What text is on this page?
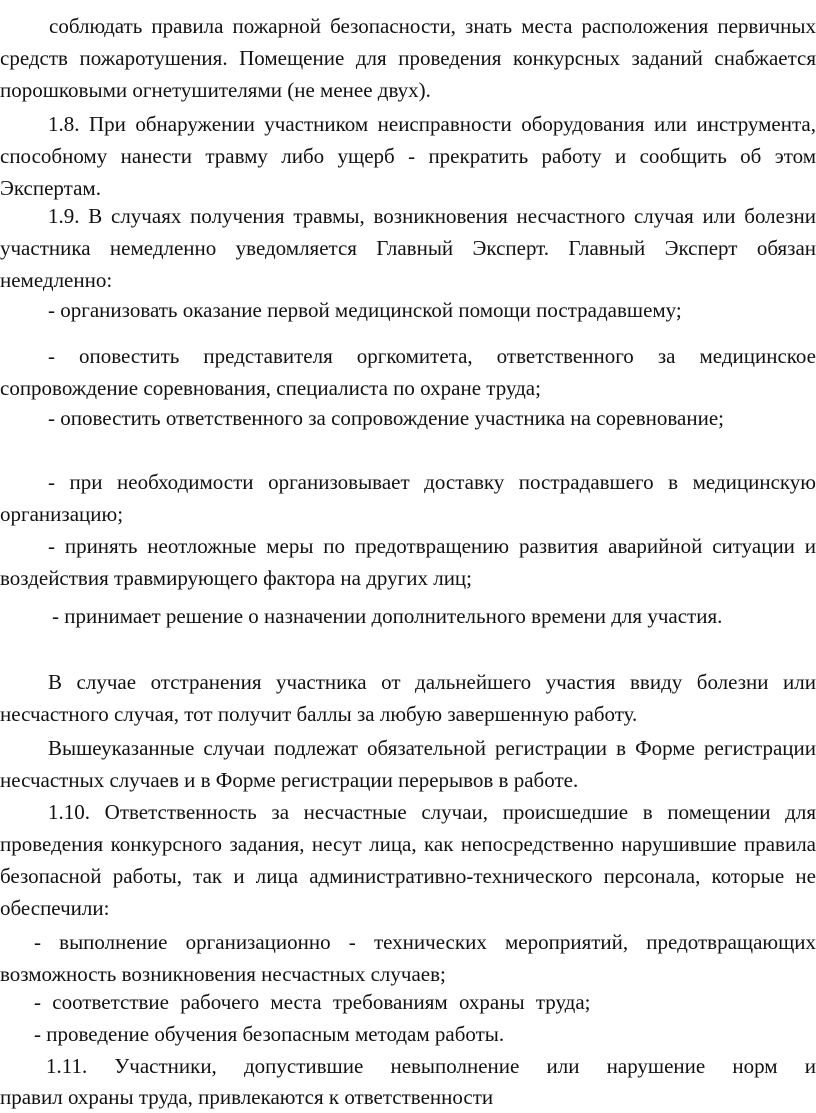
соблюдать правила пожарной безопасности, знать места расположения первичных средств пожаротушения. Помещение для проведения конкурсных заданий снабжается порошковыми огнетушителями (не менее двух).

1.8. При обнаружении участником неисправности оборудования или инструмента, способному нанести травму либо ущерб - прекратить работу и сообщить об этом Экспертам.

1.9. В случаях получения травмы, возникновения несчастного случая или болезни участника немедленно уведомляется Главный Эксперт. Главный Эксперт обязан немедленно:

- организовать оказание первой медицинской помощи пострадавшему;

- оповестить представителя оргкомитета, ответственного за медицинское сопровождение соревнования, специалиста по охране труда;

- оповестить ответственного за сопровождение участника на соревнование;

- при необходимости организовывает доставку пострадавшего в медицинскую организацию;

- принять неотложные меры по предотвращению развития аварийной ситуации и воздействия травмирующего фактора на других лиц;

- принимает решение о назначении дополнительного времени для участия.

В случае отстранения участника от дальнейшего участия ввиду болезни или несчастного случая, тот получит баллы за любую завершенную работу.

Вышеуказанные случаи подлежат обязательной регистрации в Форме регистрации несчастных случаев и в Форме регистрации перерывов в работе.

1.10. Ответственность за несчастные случаи, происшедшие в помещении для проведения конкурсного задания, несут лица, как непосредственно нарушившие правила безопасной работы, так и лица административно-технического персонала, которые не обеспечили:

- выполнение организационно - технических мероприятий, предотвращающих возможность возникновения несчастных случаев;

- соответствие рабочего места требованиям охраны труда;

- проведение обучения безопасным методам работы.

1.11. Участники, допустившие невыполнение или нарушение норм и

правил охраны труда, привлекаются к ответственности
